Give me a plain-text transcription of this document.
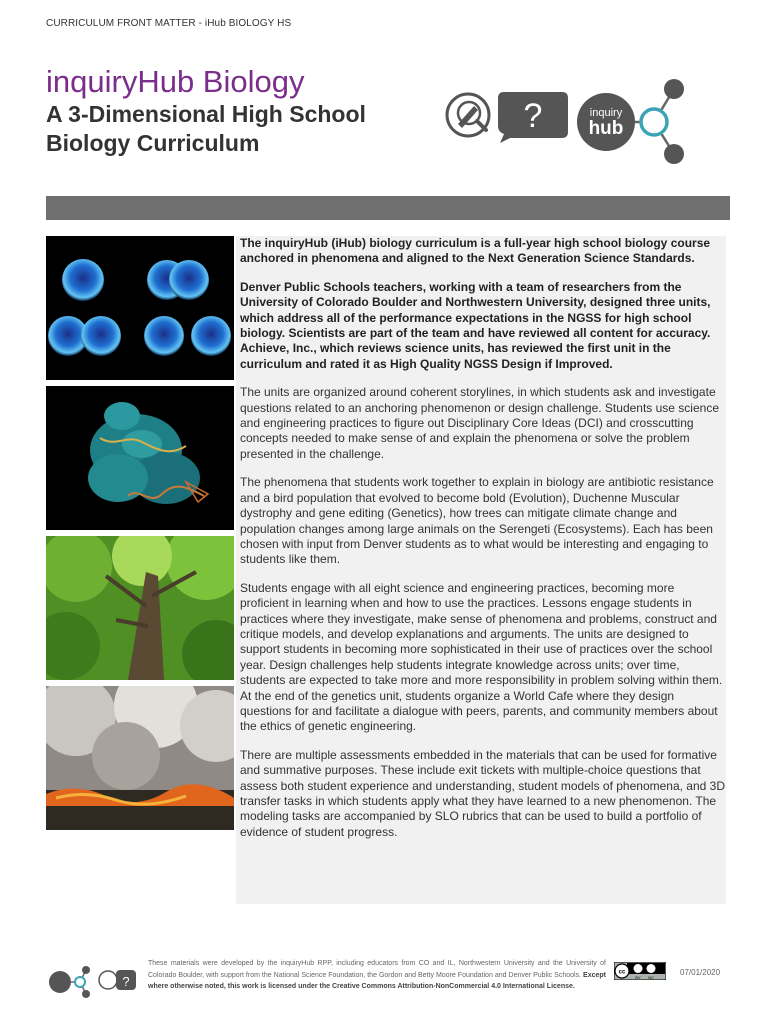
CURRICULUM FRONT MATTER - iHub BIOLOGY HS
inquiryHub Biology
A 3-Dimensional High School Biology Curriculum
?	inquiry
hub

The inquiryHub (iHub) biology curriculum is a full-year high school biology course anchored in phenomena and aligned to the Next Generation Science Standards.

Denver Public Schools teachers, working with a team of researchers from the University of Colorado Boulder and Northwestern University, designed three units, which address all of the performance expectations in the NGSS for high school biology. Scientists are part of the team and have reviewed all content for accuracy. Achieve, Inc., which reviews science units, has reviewed the first unit in the curriculum and rated it as High Quality NGSS Design if Improved.

The units are organized around coherent storylines, in which students ask and investigate questions related to an anchoring phenomenon or design challenge. Students use science and engineering practices to figure out Disciplinary Core Ideas (DCI) and crosscutting concepts needed to make sense of and explain the phenomena or solve the problem presented in the challenge.

The phenomena that students work together to explain in biology are antibiotic resistance and a bird population that evolved to become bold (Evolution), Duchenne Muscular dystrophy and gene editing (Genetics), how trees can mitigate climate change and population changes among large animals on the Serengeti (Ecosystems). Each has been chosen with input from Denver students as to what would be interesting and engaging to students like them.

Students engage with all eight science and engineering practices, becoming more proficient in learning when and how to use the practices. Lessons engage students in practices where they investigate, make sense of phenomena and problems, construct and critique models, and develop explanations and arguments. The units are designed to support students in becoming more sophisticated in their use of practices over the school year. Design challenges help students integrate knowledge across units; over time, students are expected to take more and more responsibility in problem solving within them. At the end of the genetics unit, students organize a World Cafe where they design questions for and facilitate a dialogue with peers, parents, and community members about the ethics of genetic engineering.

There are multiple assessments embedded in the materials that can be used for formative and summative purposes. These include exit tickets with multiple-choice questions that assess both student experience and understanding, student models of phenomena, and 3D transfer tasks in which students apply what they have learned to a new phenomenon. The modeling tasks are accompanied by SLO rubrics that can be used to build a portfolio of evidence of student progress.

?
These materials were developed by the inquiryHub RPP, including educators from CO and IL, Northwestern University and the University of Colorado Boulder, with support from the National Science Foundation, the Gordon and Betty Moore Foundation and Denver Public Schools. Except where otherwise noted, this work is licensed under the Creative Commons Attribution-NonCommercial 4.0 International License.
cc
BY NC
07/01/2020
